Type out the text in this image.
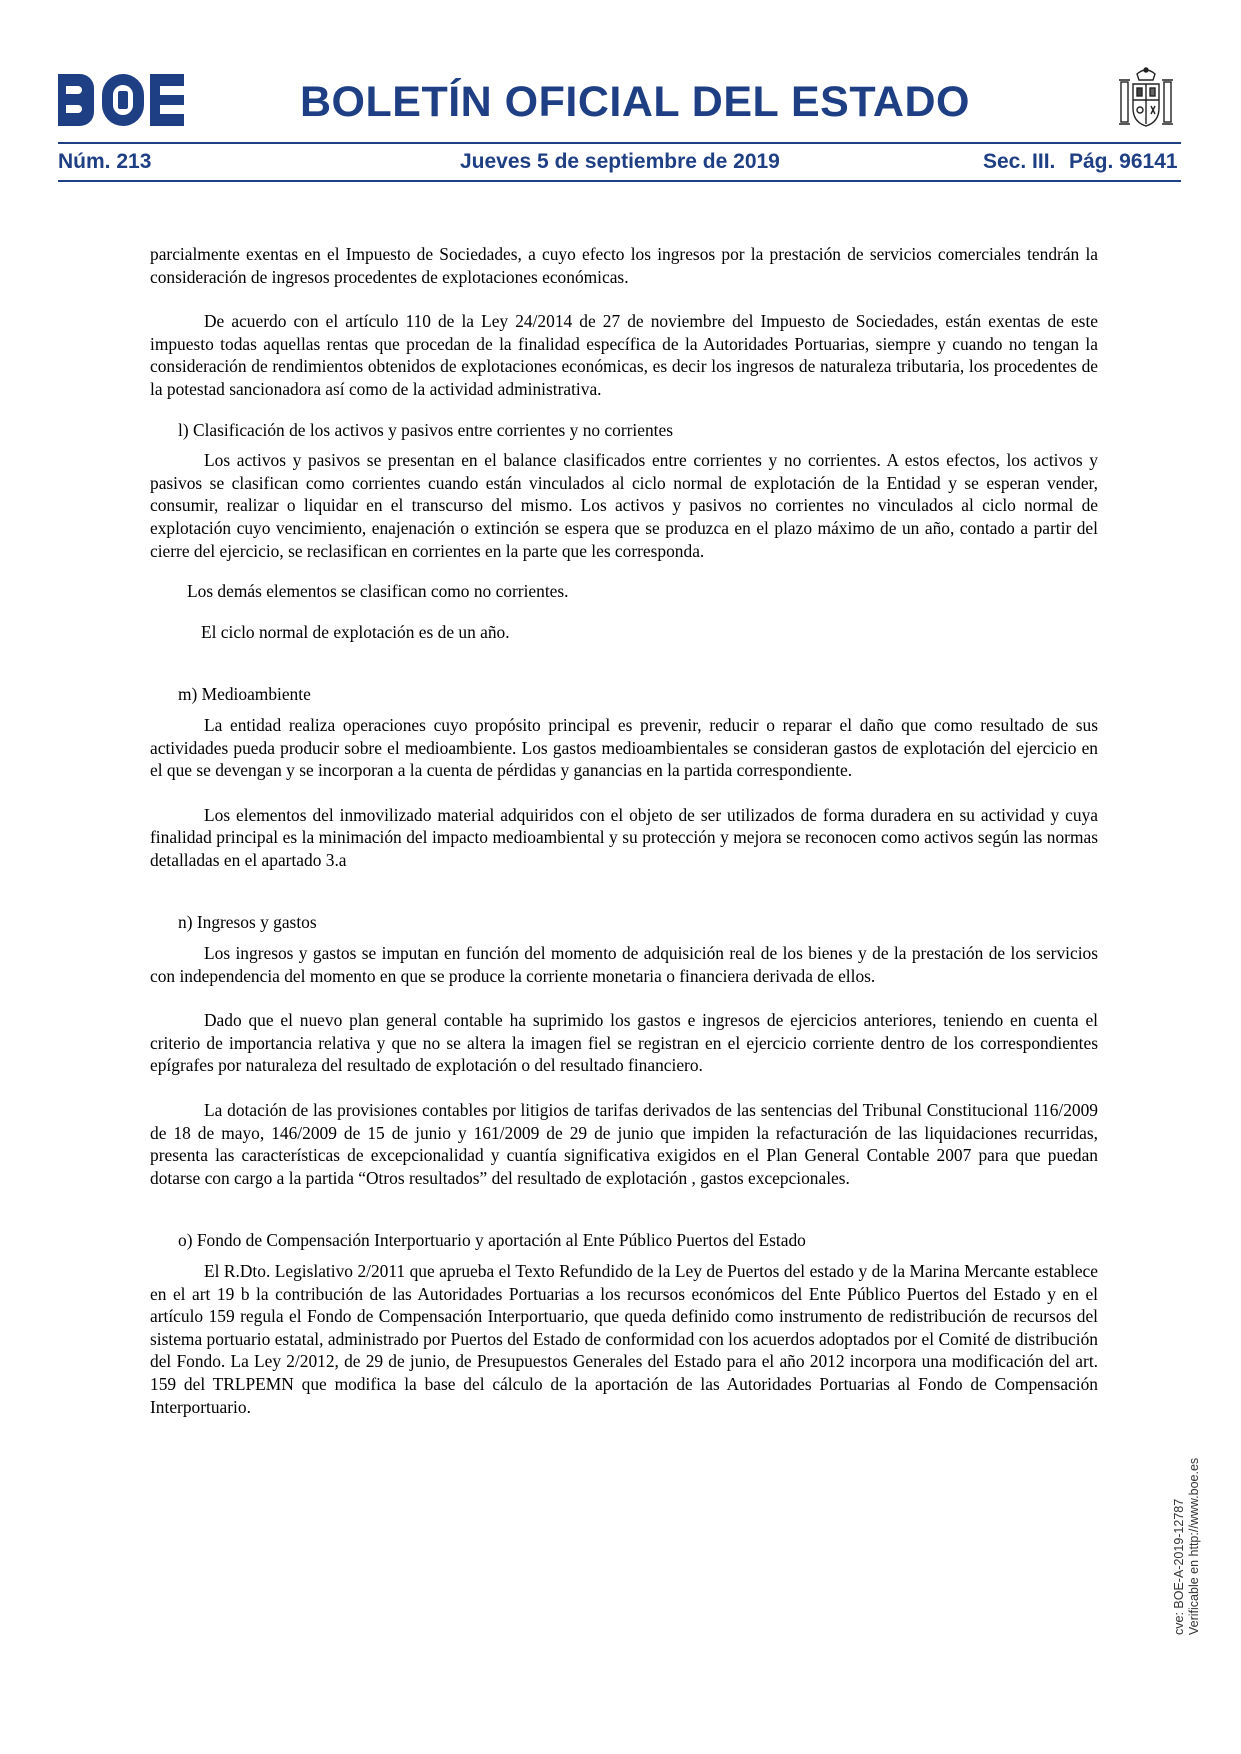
BOLETÍN OFICIAL DEL ESTADO
Núm. 213	Jueves 5 de septiembre de 2019	Sec. III. Pág. 96141

parcialmente exentas en el Impuesto de Sociedades, a cuyo efecto los ingresos por la prestación de servicios comerciales tendrán la consideración de ingresos procedentes de explotaciones económicas.

De acuerdo con el artículo 110 de la Ley 24/2014 de 27 de noviembre del Impuesto de Sociedades, están exentas de este impuesto todas aquellas rentas que procedan de la finalidad específica de la Autoridades Portuarias, siempre y cuando no tengan la consideración de rendimientos obtenidos de explotaciones económicas, es decir los ingresos de naturaleza tributaria, los procedentes de la potestad sancionadora así como de la actividad administrativa.

l) Clasificación de los activos y pasivos entre corrientes y no corrientes

Los activos y pasivos se presentan en el balance clasificados entre corrientes y no corrientes. A estos efectos, los activos y pasivos se clasifican como corrientes cuando están vinculados al ciclo normal de explotación de la Entidad y se esperan vender, consumir, realizar o liquidar en el transcurso del mismo. Los activos y pasivos no corrientes no vinculados al ciclo normal de explotación cuyo vencimiento, enajenación o extinción se espera que se produzca en el plazo máximo de un año, contado a partir del cierre del ejercicio, se reclasifican en corrientes en la parte que les corresponda.

Los demás elementos se clasifican como no corrientes.

El ciclo normal de explotación es de un año.

m) Medioambiente

La entidad realiza operaciones cuyo propósito principal es prevenir, reducir o reparar el daño que como resultado de sus actividades pueda producir sobre el medioambiente. Los gastos medioambientales se consideran gastos de explotación del ejercicio en el que se devengan y se incorporan a la cuenta de pérdidas y ganancias en la partida correspondiente.

Los elementos del inmovilizado material adquiridos con el objeto de ser utilizados de forma duradera en su actividad y cuya finalidad principal es la minimación del impacto medioambiental y su protección y mejora se reconocen como activos según las normas detalladas en el apartado 3.a

n) Ingresos y gastos

Los ingresos y gastos se imputan en función del momento de adquisición real de los bienes y de la prestación de los servicios con independencia del momento en que se produce la corriente monetaria o financiera derivada de ellos.

Dado que el nuevo plan general contable ha suprimido los gastos e ingresos de ejercicios anteriores, teniendo en cuenta el criterio de importancia relativa y que no se altera la imagen fiel se registran en el ejercicio corriente dentro de los correspondientes epígrafes por naturaleza del resultado de explotación o del resultado financiero.

La dotación de las provisiones contables por litigios de tarifas derivados de las sentencias del Tribunal Constitucional 116/2009 de 18 de mayo, 146/2009 de 15 de junio y 161/2009 de 29 de junio que impiden la refacturación de las liquidaciones recurridas, presenta las características de excepcionalidad y cuantía significativa exigidos en el Plan General Contable 2007 para que puedan dotarse con cargo a la partida “Otros resultados” del resultado de explotación , gastos excepcionales.

o) Fondo de Compensación Interportuario y aportación al Ente Público Puertos del Estado

El R.Dto. Legislativo 2/2011 que aprueba el Texto Refundido de la Ley de Puertos del estado y de la Marina Mercante establece en el art 19 b la contribución de las Autoridades Portuarias a los recursos económicos del Ente Público Puertos del Estado y en el artículo 159 regula el Fondo de Compensación Interportuario, que queda definido como instrumento de redistribución de recursos del sistema portuario estatal, administrado por Puertos del Estado de conformidad con los acuerdos adoptados por el Comité de distribución del Fondo. La Ley 2/2012, de 29 de junio, de Presupuestos Generales del Estado para el año 2012 incorpora una modificación del art. 159 del TRLPEMN que modifica la base del cálculo de la aportación de las Autoridades Portuarias al Fondo de Compensación Interportuario.

cve: BOE-A-2019-12787 Verificable en http://www.boe.es
